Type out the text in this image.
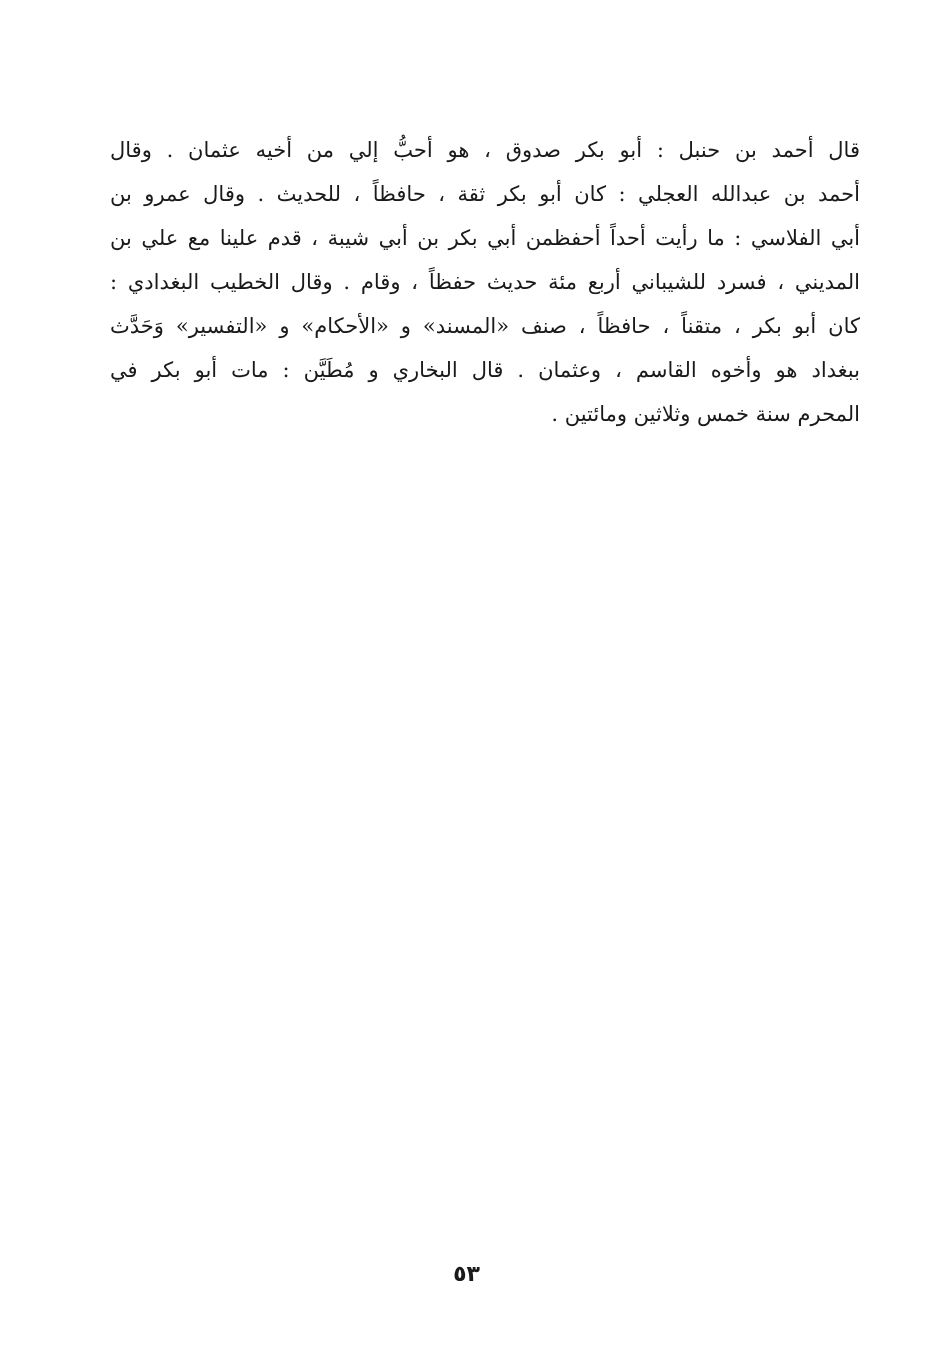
قال أحمد بن حنبل : أبو بكر صدوق ، هو أحبُّ إلي من أخيه عثمان . وقال
أحمد بن عبدالله العجلي : كان أبو بكر ثقة ، حافظاً ، للحديث . وقال عمرو بن
أبي الفلاسي : ما رأيت أحداً أحفظمن أبي بكر بن أبي شيبة ، قدم علينا مع علي بن
المديني ، فسرد للشيباني أربع مئة حديث حفظاً ، وقام . وقال الخطيب البغدادي :
كان أبو بكر ، متقناً ، حافظاً ، صنف «المسند» و «الأحكام» و «التفسير» وَحَدَّث
ببغداد هو وأخوه القاسم ، وعثمان . قال البخاري و مُطَيَّن : مات أبو بكر في
المحرم سنة خمس وثلاثين ومائتين .
٥٣
